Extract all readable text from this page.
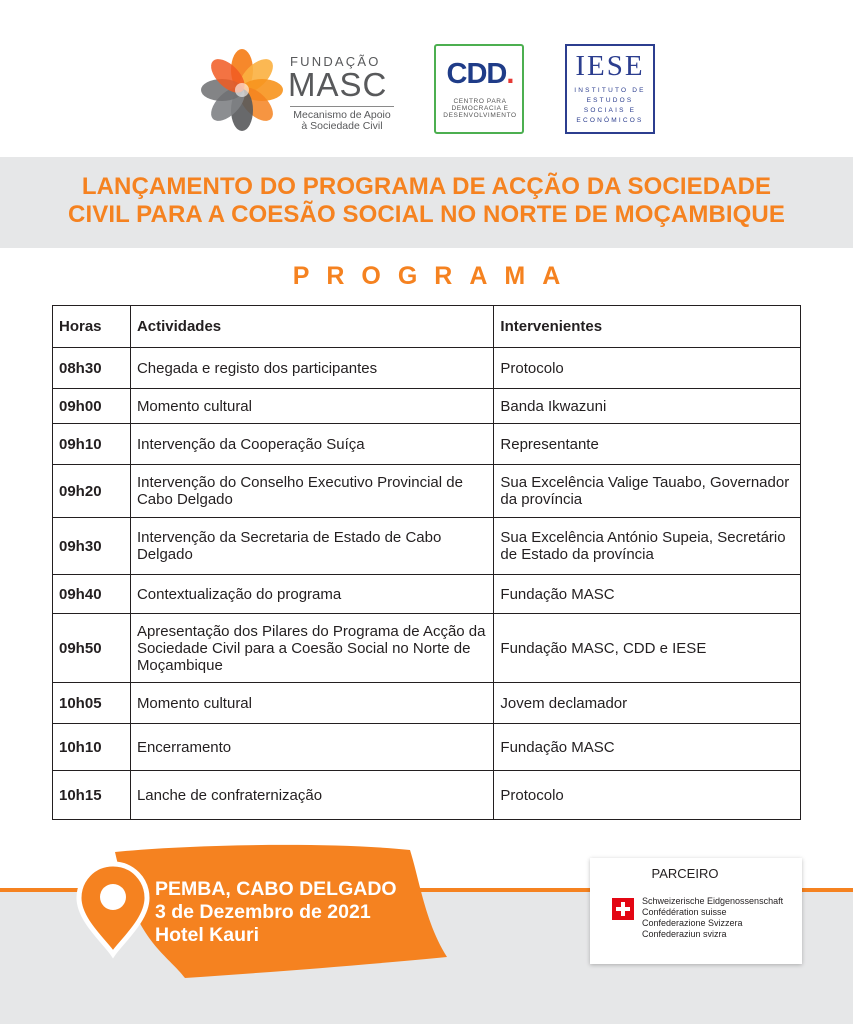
FUNDAÇÃO
MASC
Mecanismo de Apoio
à Sociedade Civil
CDD.
CENTRO PARA
DEMOCRACIA E
DESENVOLVIMENTO
IESE
INSTITUTO DE
ESTUDOS
SOCIAIS E
ECONÓMICOS
LANÇAMENTO DO PROGRAMA DE ACÇÃO DA SOCIEDADE
CIVIL PARA A COESÃO SOCIAL NO NORTE DE MOÇAMBIQUE
PROGRAMA
Horas	Actividades	Intervenientes
08h30	Chegada e registo dos participantes	Protocolo
09h00	Momento cultural	Banda Ikwazuni
09h10	Intervenção da Cooperação Suíça	Representante
09h20	Intervenção do Conselho Executivo Provincial de Cabo Delgado	Sua Excelência Valige Tauabo, Governador da província
09h30	Intervenção da Secretaria de Estado de Cabo Delgado	Sua Excelência António Supeia, Secretário de Estado da província
09h40	Contextualização do programa	Fundação MASC
09h50	Apresentação dos Pilares do Programa de Acção da Sociedade Civil para a Coesão Social no Norte de Moçambique	Fundação MASC, CDD e IESE
10h05	Momento cultural	Jovem declamador
10h10	Encerramento	Fundação MASC
10h15	Lanche de confraternização	Protocolo
PEMBA, CABO DELGADO
3 de Dezembro de 2021
Hotel Kauri
PARCEIRO
Schweizerische Eidgenossenschaft
Confédération suisse
Confederazione Svizzera
Confederaziun svizra
